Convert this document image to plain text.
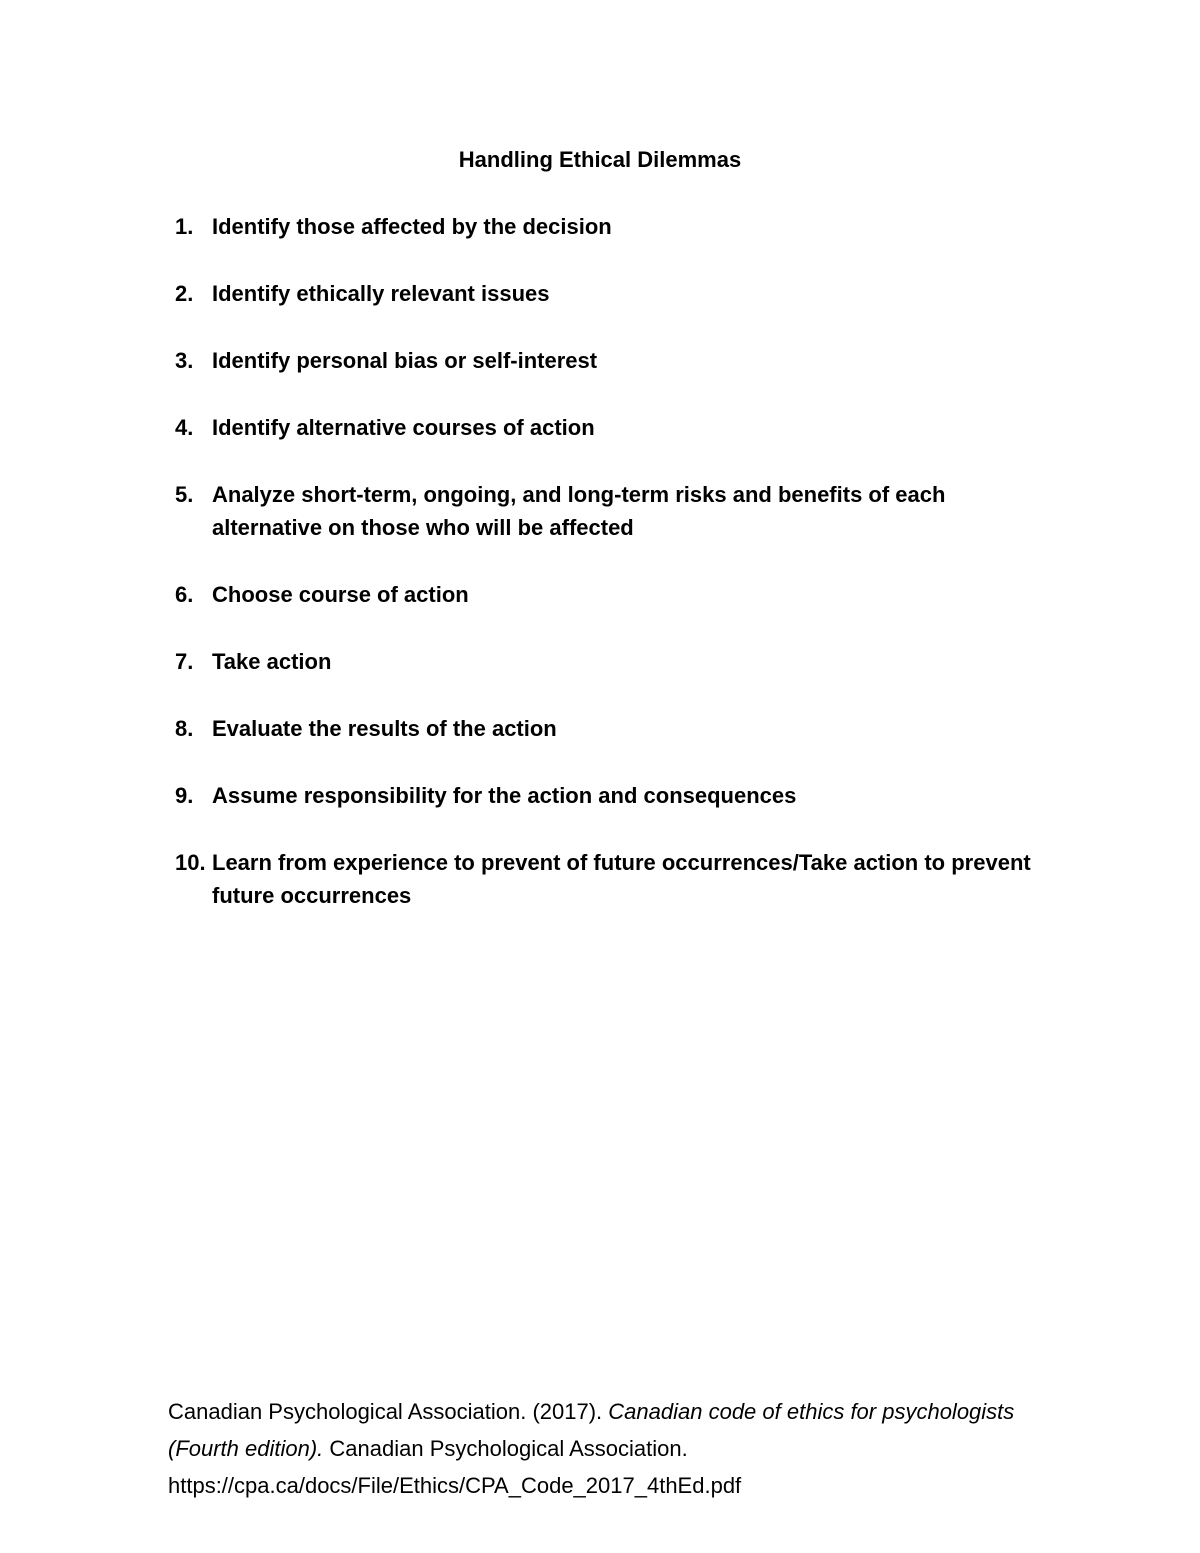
Handling Ethical Dilemmas
1. Identify those affected by the decision
2. Identify ethically relevant issues
3. Identify personal bias or self-interest
4. Identify alternative courses of action
5. Analyze short-term, ongoing, and long-term risks and benefits of each alternative on those who will be affected
6. Choose course of action
7. Take action
8. Evaluate the results of the action
9. Assume responsibility for the action and consequences
10. Learn from experience to prevent of future occurrences/Take action to prevent future occurrences

Canadian Psychological Association. (2017). Canadian code of ethics for psychologists (Fourth edition). Canadian Psychological Association.
https://cpa.ca/docs/File/Ethics/CPA_Code_2017_4thEd.pdf
